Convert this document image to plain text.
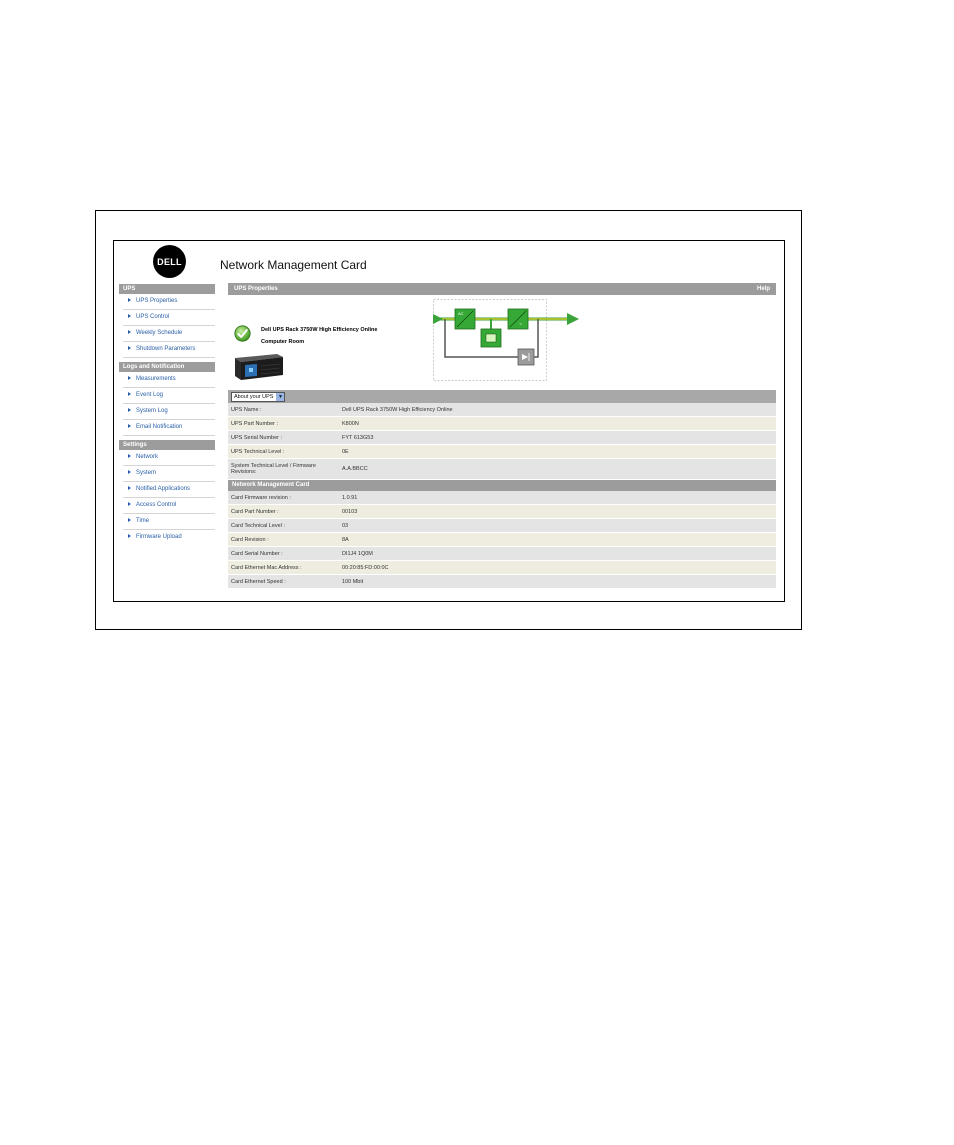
DELL	Network Management Card
UPS
UPS Properties
UPS Control
Weekly Schedule
Shutdown Parameters
Logs and Notification
Measurements
Event Log
System Log
Email Notification
Settings
Network
System
Notified Applications
Access Control
Time
Firmware Upload
UPS Properties	Help
Dell UPS Rack 3750W High Efficiency Online
Computer Room
AC
~
About your UPS ▼
UPS Name :	Dell UPS Rack 3750W High Efficiency Online
UPS Part Number :	K800N
UPS Serial Number :	FYT 613G53
UPS Technical Level :	0E
System Technical Level / Firmware Revisions:	A.A.BBCC
Network Management Card
Card Firmware revision :	1.0.91
Card Part Number :	00103
Card Technical Level :	03
Card Revision :	8A
Card Serial Number :	DI1J4 1Q0M
Card Ethernet Mac Address :	00:20:85:FD:00:0C
Card Ethernet Speed :	100 Mbit
